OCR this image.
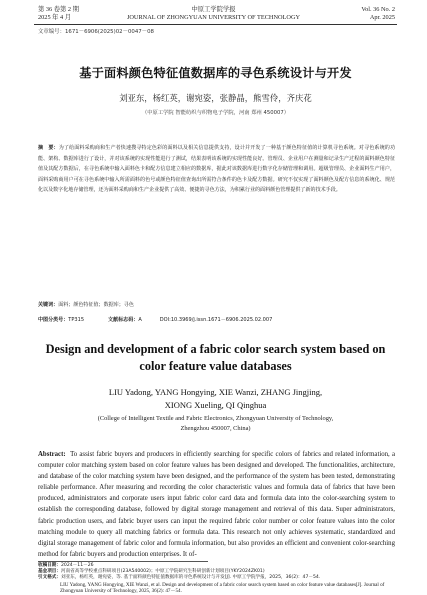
第 36 卷第 2 期
2025 年 4 月
中原工学院学报
JOURNAL OF ZHONGYUAN UNIVERSITY OF TECHNOLOGY
Vol. 36 No. 2
Apr. 2025
文章编号：1671－6906(2025)02－0047－08
基于面料颜色特征值数据库的寻色系统设计与开发
刘亚东，杨红英，谢宛姿，张静晶，熊雪伶，齐庆花
（中原工学院 智能纺织与织物电子学院，河南 郑州 450007）
摘　要：为了给面料采购商和生产者快速搜寻特定色彩的面料以及相关信息提供支持，设计并开发了一种基于颜色特征值的计算机寻色系统。对寻色系统的功能、架构、数据库进行了设计，并对该系统的实现性能进行了测试，结果表明该系统的实现性能良好。管理员、企业用户在测量和记录生产过程的面料颜色特征值及其配方数据后，在寻色系统中输入面料色卡和配方信息建立相应的数据库，据此对该数据库进行数字化存储管理和调用。超级管理员、企业面料生产用户，面料采购商用户可在寻色系统中输入所需面料的色号或颜色特征值查询出所需符合条件的色卡及配方数据。研究不仅实现了面料颜色及配方信息的系统化、规范化以及数字化地存储管理，还为面料采购商和生产企业提供了高效、便捷的寻色方法，为积累行业的面料颜色管理提供了新的技术手段。
关键词：面料；颜色特征值；数据库；寻色
中图分类号：TP315	文献标志码：A	DOI:10.3969/j.issn.1671－6906.2025.02.007
Design and development of a fabric color search system based on color feature value databases
LIU Yadong, YANG Hongying, XIE Wanzi, ZHANG Jingjing,
XIONG Xueling, QI Qinghua
(College of Intelligent Textile and Fabric Electronics, Zhongyuan University of Technology,
Zhengzhou 450007, China)
Abstract: To assist fabric buyers and producers in efficiently searching for specific colors of fabrics and related information, a computer color matching system based on color feature values has been designed and developed. The functionalities, architecture, and database of the color matching system have been designed, and the performance of the system has been tested, demonstrating reliable performance. After measuring and recording the color characteristic values and formula data of fabrics that have been produced, administrators and corporate users input fabric color card data and formula data into the color-searching system to establish the corresponding database, followed by digital storage management and retrieval of this data. Super administrators, fabric production users, and fabric buyer users can input the required fabric color number or color feature values into the color matching module to query all matching fabrics or formula data. This research not only achieves systematic, standardized and digital storage management of fabric color and formula information, but also provides an efficient and convenient color-searching method for fabric buyers and production enterprises. It of-
收稿日期：2024－11－26
基金项目：河南省高等学校重点科研项目(23A540002)；中原工学院研究生科研创新计划项目(YKY2024ZK01)
引文格式：刘亚东，杨红英，谢宛姿，等. 基于面料颜色特征值数据库的寻色系统设计与开发[J]. 中原工学院学报，2025，36(2)：47－54.
LIU Yadong, YANG Hongying, XIE Wanzi, et al. Design and development of a fabric color search system based on color feature value databases[J]. Journal of Zhongyuan University of Technology, 2025, 36(2): 47－54.
